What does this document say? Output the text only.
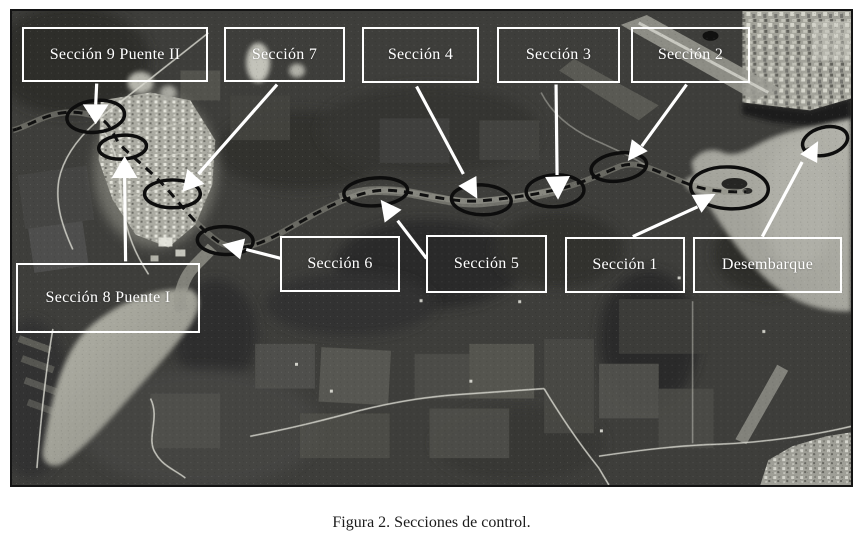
Sección 9 Puente II	Sección 7	Sección 4	Sección 3	Sección 2
Sección 6	Sección 5	Sección 1	Desembarque
Sección 8 Puente I
Figura 2. Secciones de control.
